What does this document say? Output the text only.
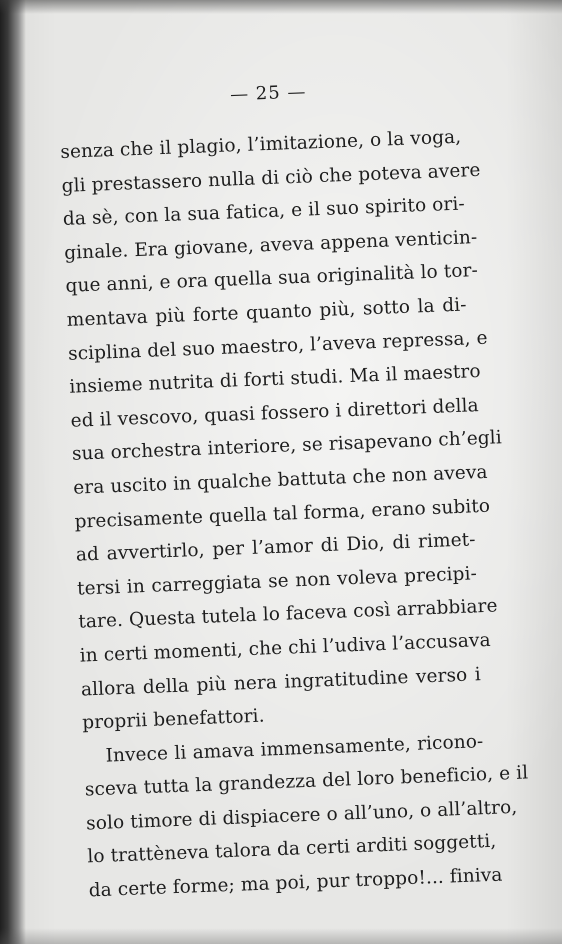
— 25 —
senza che il plagio, l’imitazione, o la voga,
gli prestassero nulla di ciò che poteva avere
da sè, con la sua fatica, e il suo spirito ori-
ginale. Era giovane, aveva appena venticin-
que anni, e ora quella sua originalità lo tor-
mentava più forte quanto più, sotto la di-
sciplina del suo maestro, l’aveva repressa, e
insieme nutrita di forti studi. Ma il maestro
ed il vescovo, quasi fossero i direttori della
sua orchestra interiore, se risapevano ch’egli
era uscito in qualche battuta che non aveva
precisamente quella tal forma, erano subito
ad avvertirlo, per l’amor di Dio, di rimet-
tersi in carreggiata se non voleva precipi-
tare. Questa tutela lo faceva così arrabbiare
in certi momenti, che chi l’udiva l’accusava
allora della più nera ingratitudine verso i
proprii benefattori.
Invece li amava immensamente, ricono-
sceva tutta la grandezza del loro beneficio, e il
solo timore di dispiacere o all’uno, o all’altro,
lo trattèneva talora da certi arditi soggetti,
da certe forme; ma poi, pur troppo!... finiva
